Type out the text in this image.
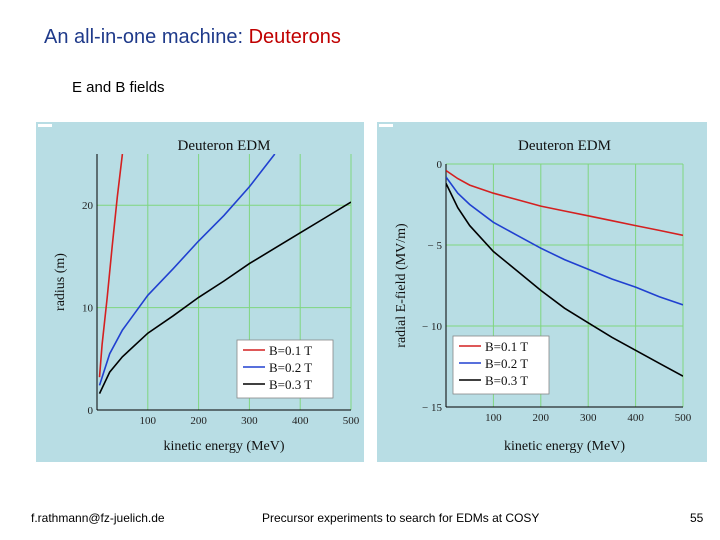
An all-in-one machine: Deuterons
E and B fields
100	200	300	400	500
0
10
20
Deuteron EDM
kinetic energy (MeV)
radius (m)
B=0.1 T
B=0.2 T
B=0.3 T
100	200	300	400	500
0
− 5
− 10
− 15
Deuteron EDM
kinetic energy (MeV)
radial E-field (MV/m)	B=0.1 T
B=0.2 T
B=0.3 T
f.rathmann@fz-juelich.de	Precursor experiments to search for EDMs at COSY	55
